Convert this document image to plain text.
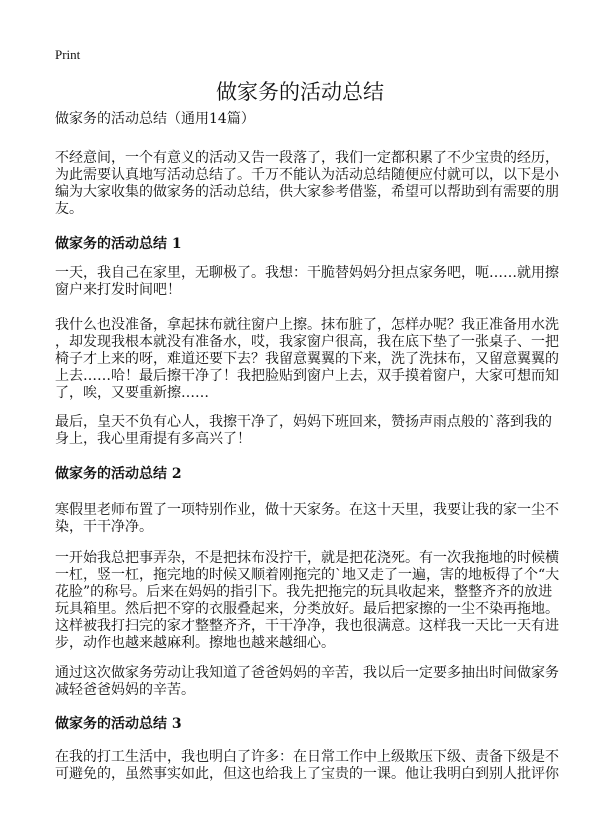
Print
做家务的活动总结
做家务的活动总结（通用14篇）
不经意间，一个有意义的活动又告一段落了，我们一定都积累了不少宝贵的经历，
为此需要认真地写活动总结了。千万不能认为活动总结随便应付就可以，以下是小
编为大家收集的做家务的活动总结，供大家参考借鉴，希望可以帮助到有需要的朋
友。
做家务的活动总结 1
一天，我自己在家里，无聊极了。我想：干脆替妈妈分担点家务吧，呃……就用擦
窗户来打发时间吧！
我什么也没准备，拿起抹布就往窗户上擦。抹布脏了，怎样办呢？我正准备用水洗
，却发现我根本就没有准备水，哎，我家窗户很高，我在底下垫了一张桌子、一把
椅子才上来的呀，难道还要下去？我留意翼翼的下来，洗了洗抹布，又留意翼翼的
上去……哈！最后擦干净了！我把脸贴到窗户上去，双手摸着窗户，大家可想而知
了，唉，又要重新擦……
最后，皇天不负有心人，我擦干净了，妈妈下班回来，赞扬声雨点般的`落到我的
身上，我心里甭提有多高兴了！
做家务的活动总结 2
寒假里老师布置了一项特别作业，做十天家务。在这十天里，我要让我的家一尘不
染，干干净净。
一开始我总把事弄杂，不是把抹布没拧干，就是把花浇死。有一次我拖地的时候横
一杠，竖一杠，拖完地的时候又顺着刚拖完的`地又走了一遍，害的地板得了个“大
花脸”的称号。后来在妈妈的指引下。我先把拖完的玩具收起来，整整齐齐的放进
玩具箱里。然后把不穿的衣服叠起来，分类放好。最后把家擦的一尘不染再拖地。
这样被我打扫完的家才整整齐齐，干干净净，我也很满意。这样我一天比一天有进
步，动作也越来越麻利。擦地也越来越细心。
通过这次做家务劳动让我知道了爸爸妈妈的辛苦，我以后一定要多抽出时间做家务
减轻爸爸妈妈的辛苦。
做家务的活动总结 3
在我的打工生活中，我也明白了许多：在日常工作中上级欺压下级、责备下级是不
可避免的，虽然事实如此，但这也给我上了宝贵的一课。他让我明白到别人批评你
